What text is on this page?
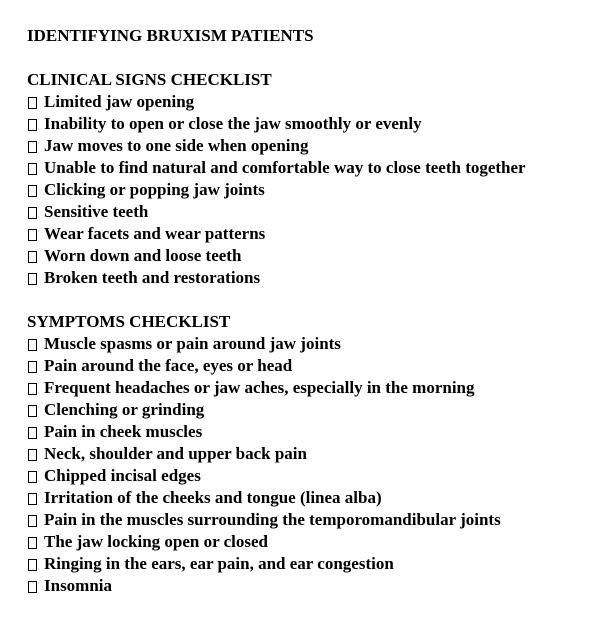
IDENTIFYING BRUXISM PATIENTS
CLINICAL SIGNS CHECKLIST
Limited jaw opening
Inability to open or close the jaw smoothly or evenly
Jaw moves to one side when opening
Unable to find natural and comfortable way to close teeth together
Clicking or popping jaw joints
Sensitive teeth
Wear facets and wear patterns
Worn down and loose teeth
Broken teeth and restorations
SYMPTOMS CHECKLIST
Muscle spasms or pain around jaw joints
Pain around the face, eyes or head
Frequent headaches or jaw aches, especially in the morning
Clenching or grinding
Pain in cheek muscles
Neck, shoulder and upper back pain
Chipped incisal edges
Irritation of the cheeks and tongue (linea alba)
Pain in the muscles surrounding the temporomandibular joints
The jaw locking open or closed
Ringing in the ears, ear pain, and ear congestion
Insomnia
